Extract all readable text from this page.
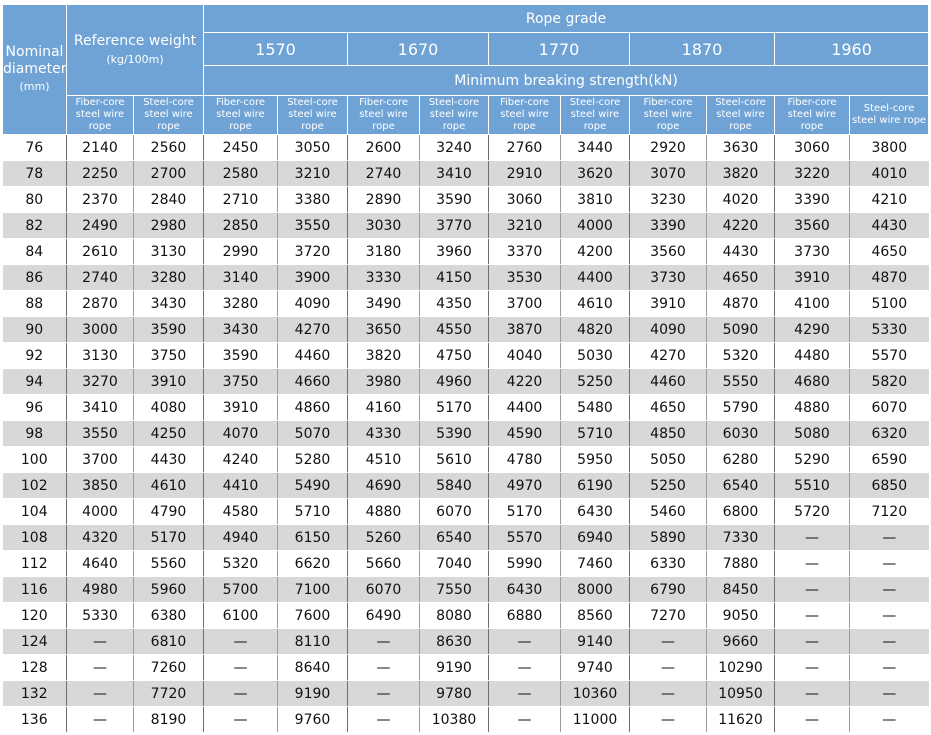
Nominal diameter
(mm)	Reference weight
(kg/100m)		Rope grade									
			1570		1670		1770		1870		1960	
			Minimum breaking strength(kN)									
	Fiber-core steel wire rope	Steel-core steel wire rope	Fiber-core steel wire rope	Steel-core steel wire rope	Fiber-core steel wire rope	Steel-core steel wire rope	Fiber-core steel wire rope	Steel-core steel wire rope	Fiber-core steel wire rope	Steel-core steel wire rope	Fiber-core steel wire rope	Steel-core steel wire rope
76	2140	2560	2450	3050	2600	3240	2760	3440	2920	3630	3060	3800
78	2250	2700	2580	3210	2740	3410	2910	3620	3070	3820	3220	4010
80	2370	2840	2710	3380	2890	3590	3060	3810	3230	4020	3390	4210
82	2490	2980	2850	3550	3030	3770	3210	4000	3390	4220	3560	4430
84	2610	3130	2990	3720	3180	3960	3370	4200	3560	4430	3730	4650
86	2740	3280	3140	3900	3330	4150	3530	4400	3730	4650	3910	4870
88	2870	3430	3280	4090	3490	4350	3700	4610	3910	4870	4100	5100
90	3000	3590	3430	4270	3650	4550	3870	4820	4090	5090	4290	5330
92	3130	3750	3590	4460	3820	4750	4040	5030	4270	5320	4480	5570
94	3270	3910	3750	4660	3980	4960	4220	5250	4460	5550	4680	5820
96	3410	4080	3910	4860	4160	5170	4400	5480	4650	5790	4880	6070
98	3550	4250	4070	5070	4330	5390	4590	5710	4850	6030	5080	6320
100	3700	4430	4240	5280	4510	5610	4780	5950	5050	6280	5290	6590
102	3850	4610	4410	5490	4690	5840	4970	6190	5250	6540	5510	6850
104	4000	4790	4580	5710	4880	6070	5170	6430	5460	6800	5720	7120
108	4320	5170	4940	6150	5260	6540	5570	6940	5890	7330	—	—
112	4640	5560	5320	6620	5660	7040	5990	7460	6330	7880	—	—
116	4980	5960	5700	7100	6070	7550	6430	8000	6790	8450	—	—
120	5330	6380	6100	7600	6490	8080	6880	8560	7270	9050	—	—
124	—	6810	—	8110	—	8630	—	9140	—	9660	—	—
128	—	7260	—	8640	—	9190	—	9740	—	10290	—	—
132	—	7720	—	9190	—	9780	—	10360	—	10950	—	—
136	—	8190	—	9760	—	10380	—	11000	—	11620	—	—
